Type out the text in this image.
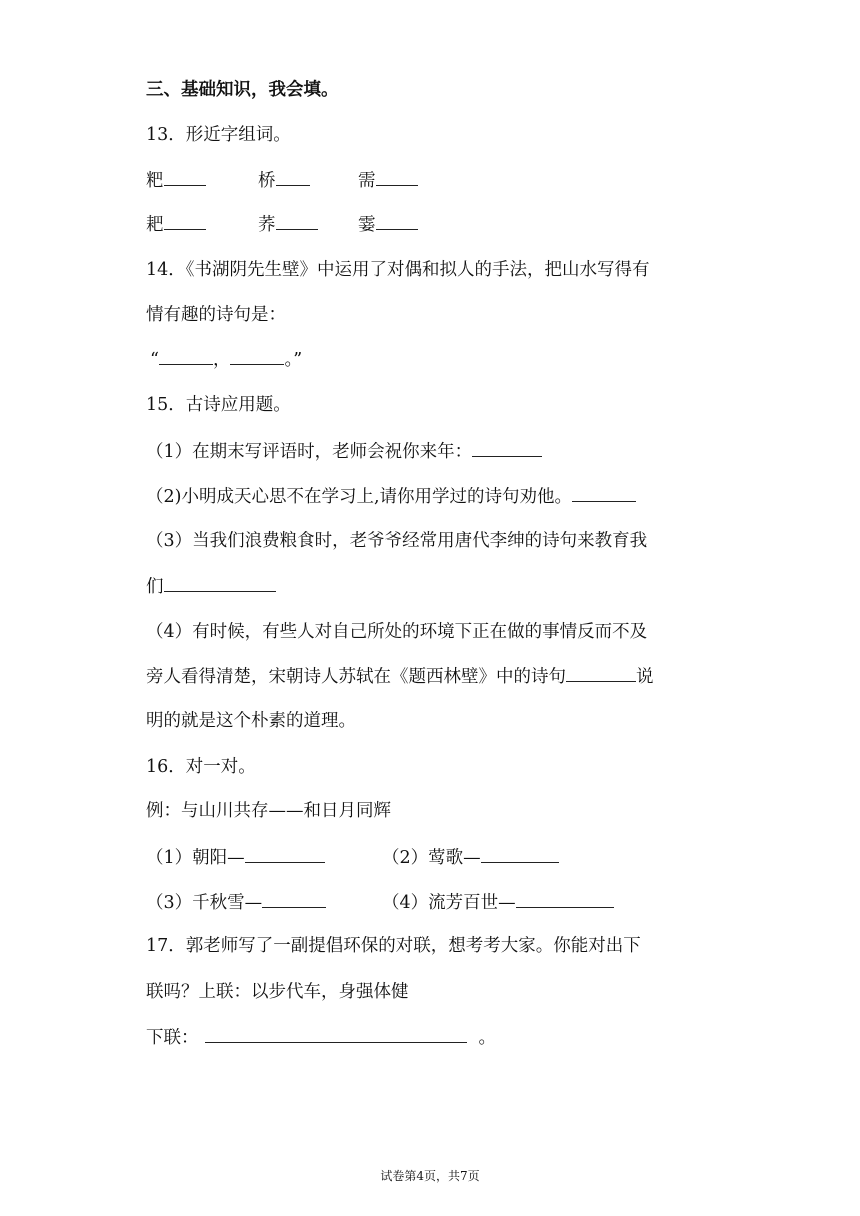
三、基础知识，我会填。
13．形近字组词。
粑	桥	需
耙	荞	霎
14．《书湖阴先生壁》中运用了对偶和拟人的手法，把山水写得有
情有趣的诗句是：
“	，	。”
15．古诗应用题。
（1）在期末写评语时，老师会祝你来年：
（2)小明成天心思不在学习上,请你用学过的诗句劝他。
（3）当我们浪费粮食时，老爷爷经常用唐代李绅的诗句来教育我
们
（4）有时候，有些人对自己所处的环境下正在做的事情反而不及
旁人看得清楚，宋朝诗人苏轼在《题西林壁》中的诗句	说
明的就是这个朴素的道理。
16．对一对。
例：与山川共存——和日月同辉
（1）朝阳—	（2）莺歌—
（3）千秋雪—	（4）流芳百世—
17．郭老师写了一副提倡环保的对联，想考考大家。你能对出下
联吗？上联：以步代车，身强体健
下联：	。
试卷第4页，共7页
